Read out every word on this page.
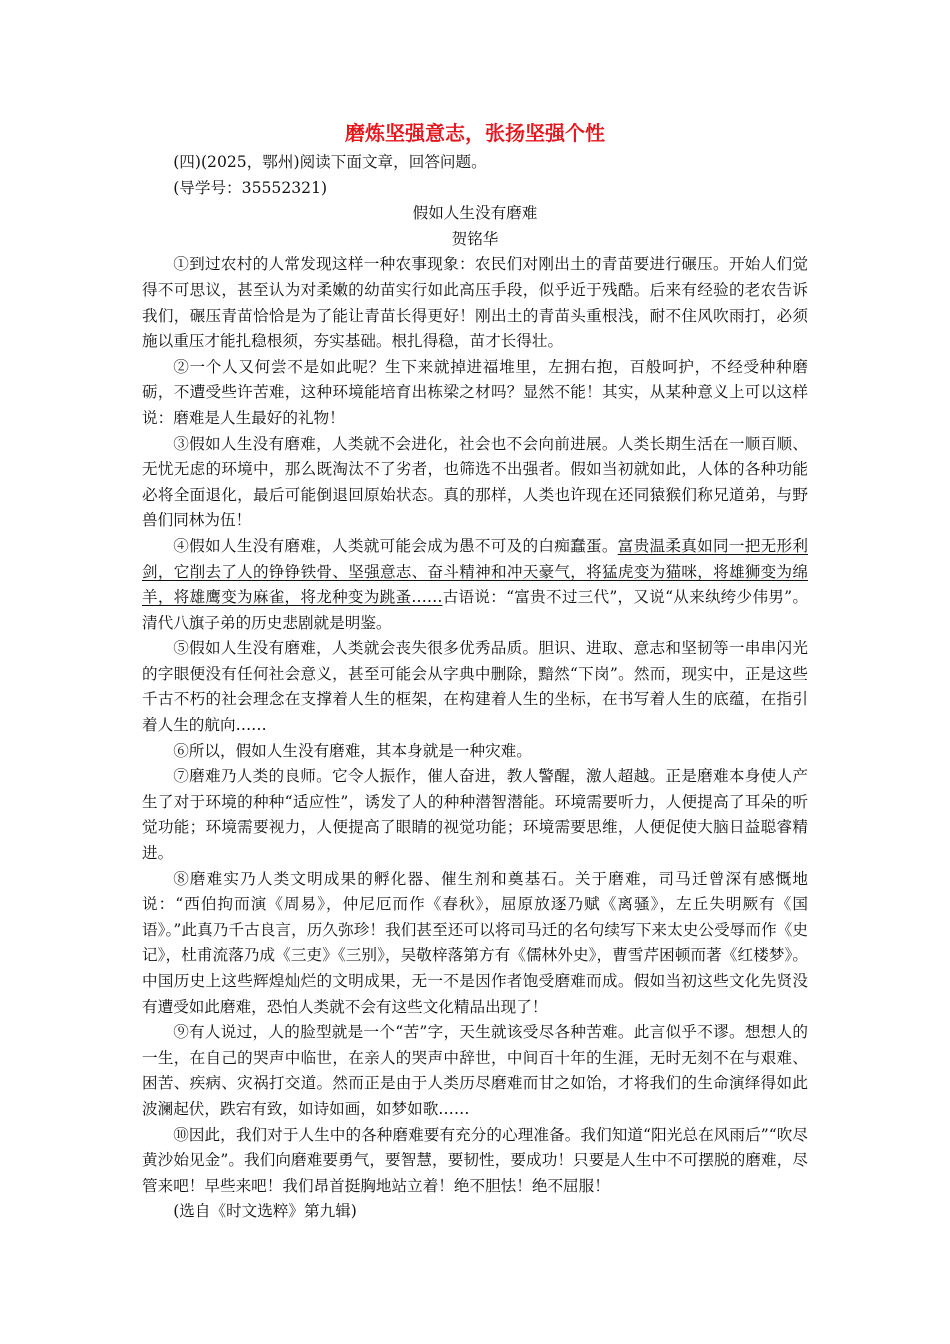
磨炼坚强意志，张扬坚强个性

(四)(2025，鄂州)阅读下面文章，回答问题。

(导学号：35552321)

假如人生没有磨难

贺铭华

①到过农村的人常发现这样一种农事现象：农民们对刚出土的青苗要进行碾压。开始人们觉得不可思议，甚至认为对柔嫩的幼苗实行如此高压手段，似乎近于残酷。后来有经验的老农告诉我们，碾压青苗恰恰是为了能让青苗长得更好！刚出土的青苗头重根浅，耐不住风吹雨打，必须施以重压才能扎稳根须，夯实基础。根扎得稳，苗才长得壮。

②一个人又何尝不是如此呢？生下来就掉进福堆里，左拥右抱，百般呵护，不经受种种磨砺，不遭受些许苦难，这种环境能培育出栋梁之材吗？显然不能！其实，从某种意义上可以这样说：磨难是人生最好的礼物！

③假如人生没有磨难，人类就不会进化，社会也不会向前进展。人类长期生活在一顺百顺、无忧无虑的环境中，那么既淘汰不了劣者，也筛选不出强者。假如当初就如此，人体的各种功能必将全面退化，最后可能倒退回原始状态。真的那样，人类也许现在还同猿猴们称兄道弟，与野兽们同林为伍！

④假如人生没有磨难，人类就可能会成为愚不可及的白痴蠢蛋。富贵温柔真如同一把无形利剑，它削去了人的铮铮铁骨、坚强意志、奋斗精神和冲天豪气，将猛虎变为猫咪，将雄狮变为绵羊，将雄鹰变为麻雀，将龙种变为跳蚤……古语说：“富贵不过三代”，又说“从来纨绔少伟男”。清代八旗子弟的历史悲剧就是明鉴。

⑤假如人生没有磨难，人类就会丧失很多优秀品质。胆识、进取、意志和坚韧等一串串闪光的字眼便没有任何社会意义，甚至可能会从字典中删除，黯然“下岗”。然而，现实中，正是这些千古不朽的社会理念在支撑着人生的框架，在构建着人生的坐标，在书写着人生的底蕴，在指引着人生的航向……

⑥所以，假如人生没有磨难，其本身就是一种灾难。

⑦磨难乃人类的良师。它令人振作，催人奋进，教人警醒，激人超越。正是磨难本身使人产生了对于环境的种种“适应性”，诱发了人的种种潜智潜能。环境需要听力，人便提高了耳朵的听觉功能；环境需要视力，人便提高了眼睛的视觉功能；环境需要思维，人便促使大脑日益聪睿精进。

⑧磨难实乃人类文明成果的孵化器、催生剂和奠基石。关于磨难，司马迁曾深有感慨地说：“西伯拘而演《周易》，仲尼厄而作《春秋》，屈原放逐乃赋《离骚》，左丘失明厥有《国语》。”此真乃千古良言，历久弥珍！我们甚至还可以将司马迁的名句续写下来太史公受辱而作《史记》，杜甫流落乃成《三吏》《三别》，吴敬梓落第方有《儒林外史》，曹雪芹困顿而著《红楼梦》。中国历史上这些辉煌灿烂的文明成果，无一不是因作者饱受磨难而成。假如当初这些文化先贤没有遭受如此磨难，恐怕人类就不会有这些文化精品出现了！

⑨有人说过，人的脸型就是一个“苦”字，天生就该受尽各种苦难。此言似乎不谬。想想人的一生，在自己的哭声中临世，在亲人的哭声中辞世，中间百十年的生涯，无时无刻不在与艰难、困苦、疾病、灾祸打交道。然而正是由于人类历尽磨难而甘之如饴，才将我们的生命演绎得如此波澜起伏，跌宕有致，如诗如画，如梦如歌……

⑩因此，我们对于人生中的各种磨难要有充分的心理准备。我们知道“阳光总在风雨后”“吹尽黄沙始见金”。我们向磨难要勇气，要智慧，要韧性，要成功！只要是人生中不可摆脱的磨难，尽管来吧！早些来吧！我们昂首挺胸地站立着！绝不胆怯！绝不屈服！

(选自《时文选粹》第九辑)
